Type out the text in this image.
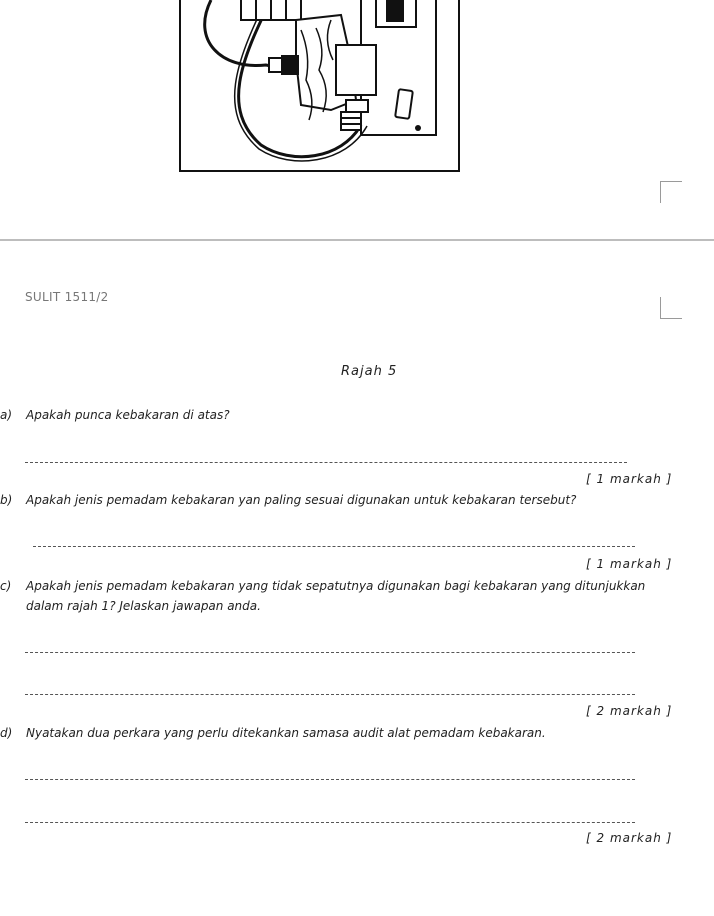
SULIT 1511/2
Rajah 5
a) Apakah punca kebakaran di atas?
[ 1 markah ]
b) Apakah jenis pemadam kebakaran yan paling sesuai digunakan untuk kebakaran tersebut?
[ 1 markah ]
c) Apakah jenis pemadam kebakaran yang tidak sepatutnya digunakan bagi kebakaran yang ditunjukkan
dalam rajah 1? Jelaskan jawapan anda.
[ 2 markah ]
d) Nyatakan dua perkara yang perlu ditekankan samasa audit alat pemadam kebakaran.
[ 2 markah ]
